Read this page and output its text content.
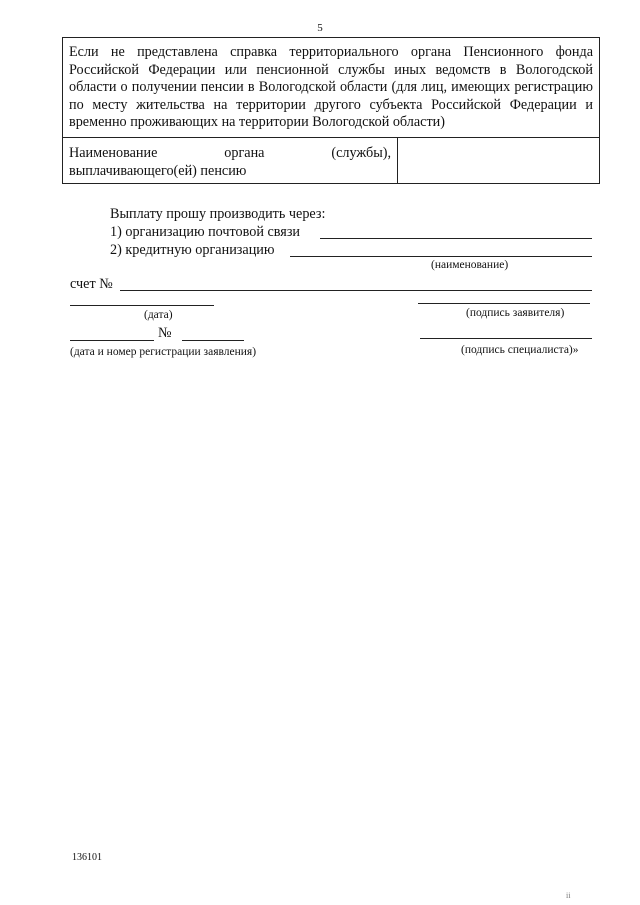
5
Если не представлена справка территориального органа Пенсионного фонда Российской Федерации или пенсионной службы иных ведомств в Вологодской области о получении пенсии в Вологодской области (для лиц, имеющих регистрацию по месту жительства на территории другого субъекта Российской Федерации и временно проживающих на территории Вологодской области)
Наименование органа (службы), выплачивающего(ей) пенсию
Выплату прошу производить через:
1) организацию почтовой связи
2) кредитную организацию
(наименование)
счет №
(дата)	(подпись заявителя)
№
(дата и номер регистрации заявления)	(подпись специалиста)»
136101
ii
